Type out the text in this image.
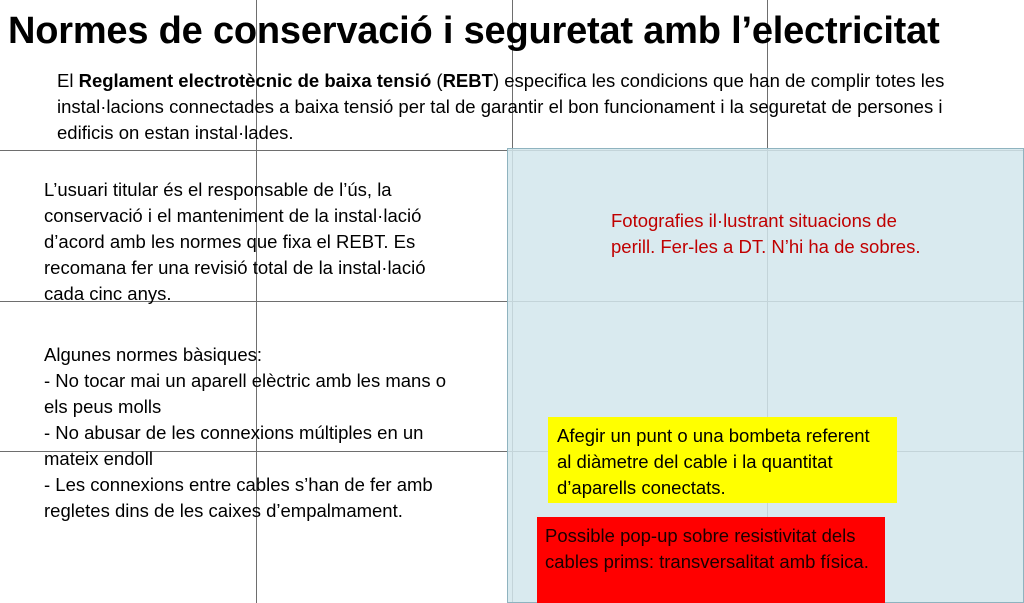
Normes de conservació i seguretat amb l’electricitat

El Reglament electrotècnic de baixa tensió (REBT) especifica les condicions que han de complir totes les instal·lacions connectades a baixa tensió per tal de garantir el bon funcionament i la seguretat de persones i edificis on estan instal·lades.

Fotografies il·lustrant situacions de perill. Fer-les a DT. N’hi ha de sobres.

L’usuari titular és el responsable de l’ús, la conservació i el manteniment de la instal·lació d’acord amb les normes que fixa el REBT. Es recomana fer una revisió total de la instal·lació cada cinc anys.

Algunes normes bàsiques:
- No tocar mai un aparell elèctric amb les mans o els peus molls
- No abusar de les connexions múltiples en un mateix endoll
- Les connexions entre cables s’han de fer amb regletes dins de les caixes d’empalmament.
Afegir un punt o una bombeta referent al diàmetre del cable i la quantitat d’aparells conectats.
Possible pop-up sobre resistivitat dels cables prims: transversalitat amb física.
